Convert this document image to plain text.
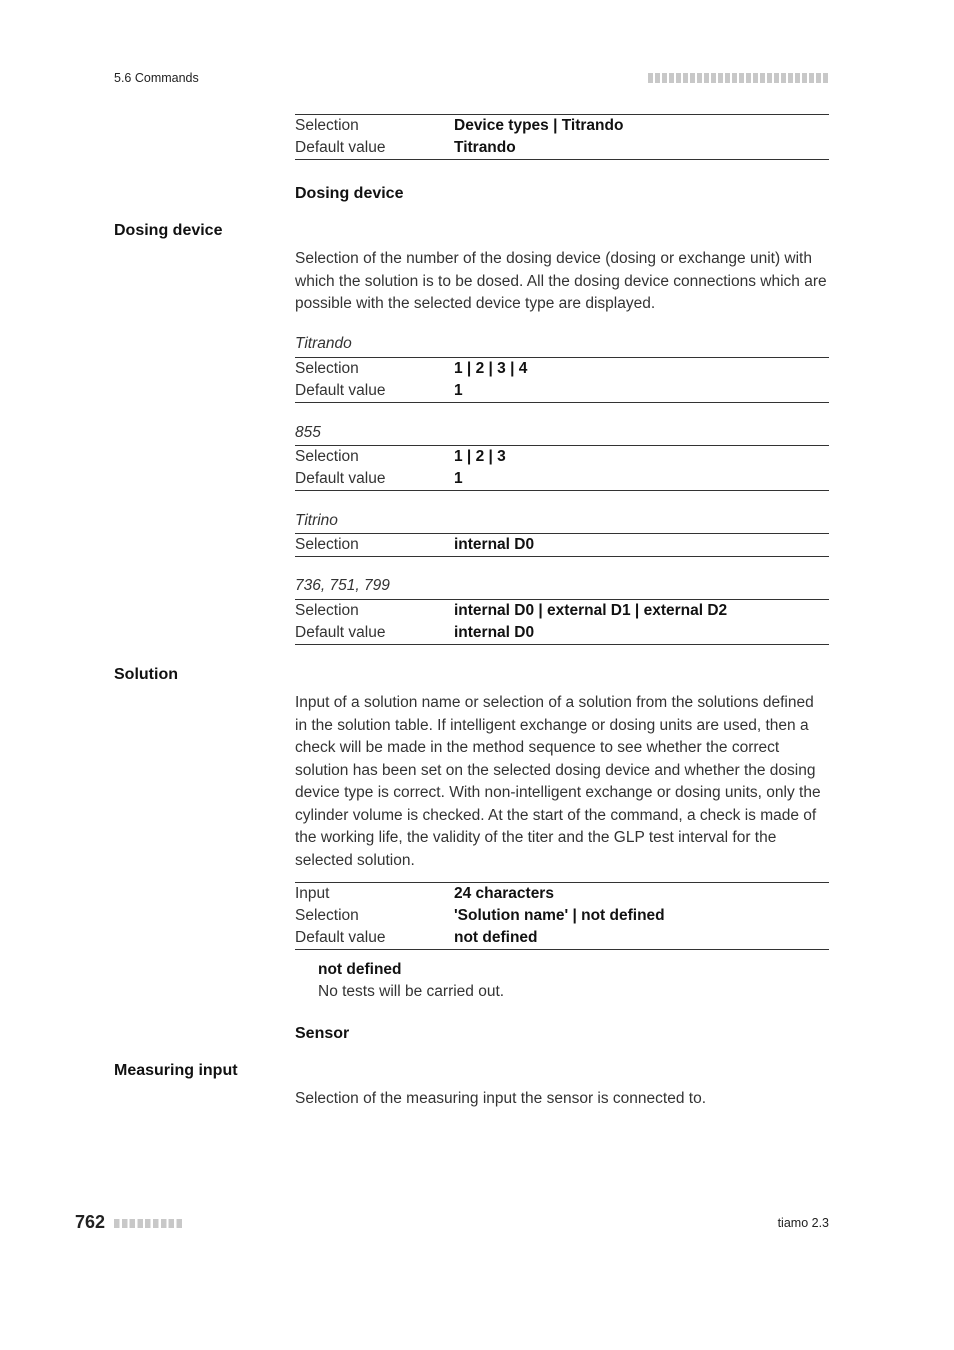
5.6 Commands
Selection	Device types | Titrando
Default value	Titrando
Dosing device
Dosing device
Selection of the number of the dosing device (dosing or exchange unit) with which the solution is to be dosed. All the dosing device connections which are possible with the selected device type are displayed.
Titrando
Selection	1 | 2 | 3 | 4
Default value	1
855
Selection	1 | 2 | 3
Default value	1
Titrino
Selection	internal D0
736, 751, 799
Selection	internal D0 | external D1 | external D2
Default value	internal D0
Solution
Input of a solution name or selection of a solution from the solutions defined in the solution table. If intelligent exchange or dosing units are used, then a check will be made in the method sequence to see whether the correct solution has been set on the selected dosing device and whether the dosing device type is correct. With non-intelligent exchange or dosing units, only the cylinder volume is checked. At the start of the command, a check is made of the working life, the validity of the titer and the GLP test interval for the selected solution.
Input	24 characters
Selection	'Solution name' | not defined
Default value	not defined
not defined
No tests will be carried out.
Sensor
Measuring input
Selection of the measuring input the sensor is connected to.
762	tiamo 2.3
